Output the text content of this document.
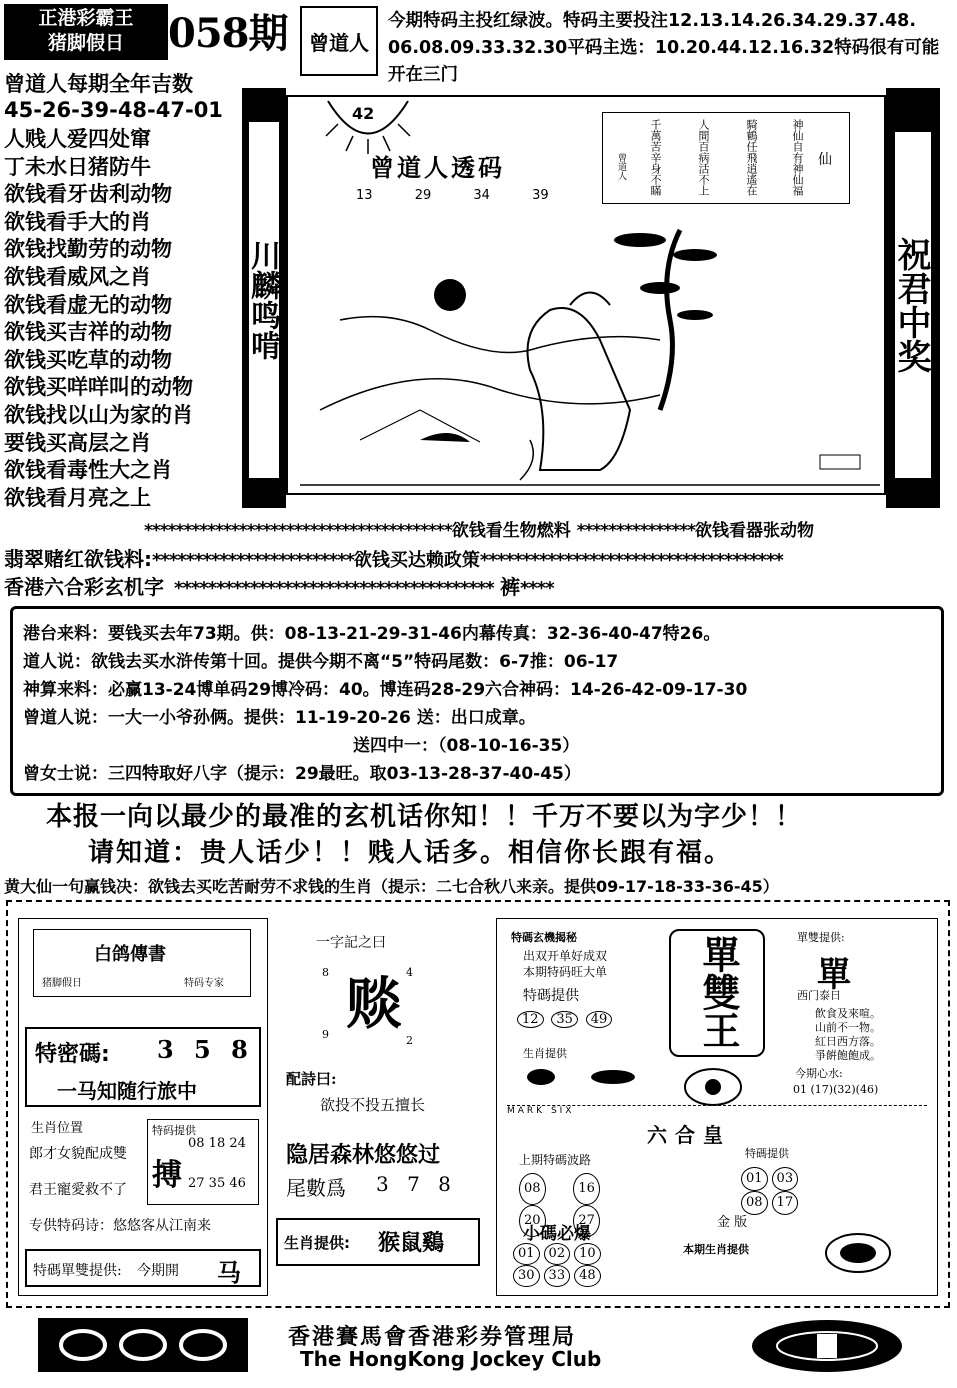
正港彩霸王
猪脚假日	058期 曾道人
今期特码主投红绿波。特码主要投注12.13.14.26.34.29.37.48.
06.08.09.33.32.30平码主选：10.20.44.12.16.32特码很有可能
开在三门
曾道人每期全年吉数
45-26-39-48-47-01
人贱人爱四处窜
丁未水日猪防牛
欲钱看牙齿利动物
欲钱看手大的肖
欲钱找勤劳的动物
欲钱看威风之肖
欲钱看虚无的动物
欲钱买吉祥的动物
欲钱买吃草的动物
欲钱买咩咩叫的动物
欲钱找以山为家的肖
要钱买高层之肖
欲钱看毒性大之肖
欲钱看月亮之上
川麟鸣啃
42
曾道人透码
13	29	34	39
仙
神仙自有神仙福
騎鶴任飛逍遙在
人間百病活不上
千萬苦辛身不瞞
曾道人
祝君中奖
***************************************欲钱看生物燃料 ***************欲钱看器张动物
翡翠赌红欲钱料:************************欲钱买达赖政策************************************
香港六合彩玄机字 ************************************** 裤****
港台来料：要钱买去年73期。供：08-13-21-29-31-46内幕传真：32-36-40-47特26。
道人说：欲钱去买水浒传第十回。提供今期不离“5”特码尾数：6-7推：06-17
神算来料：必赢13-24博单码29博冷码：40。博连码28-29六合神码：14-26-42-09-17-30
曾道人说：一大一小爷孙俩。提供：11-19-20-26 送：出口成章。
送四中一：（08-10-16-35）
曾女士说：三四特取好八字（提示：29最旺。取03-13-28-37-40-45）
本报一向以最少的最准的玄机话你知！！千万不要以为字少！！
请知道：贵人话少！！贱人话多。相信你长跟有福。
黄大仙一句赢钱决：欲钱去买吃苦耐劳不求钱的生肖（提示：二七合秋八来亲。提供09-17-18-33-36-45）
白鸽傳書
猪脚假日	特码专家
特密碼: 3 5 8
一马知随行旅中
生肖位置
郎才女貌配成雙
君王寵愛救不了
特码提供
08 18 24
搏 27 35 46
专供特码诗：悠悠客从江南来
特碼單雙提供: 今期開 马
一字記之曰
8	4
赕
9	2
配詩曰:
欲投不投五擅长
隐居森林悠悠过
尾數爲 3 7 8
生肖提供: 猴鼠鷄
特碼玄機揭秘
出双开单好成双
本期特码旺大单
特碼提供
12 35 49 單雙王	單雙提供:
單
西门泰日
飲食及來喧。
山前不一物。
紅日西方落。
爭餠飽飽成。
今期心水:
01 (17)(32)(46)
生肖提供
MARK SIX
六合皇
上期特碼波路
08	16
20	27	金 版
特碼提供
01 03
08 17
小碼必爆
01 02 10
30 33 48
本期生肖提供
香港賽馬會香港彩券管理局
The HongKong Jockey Club
